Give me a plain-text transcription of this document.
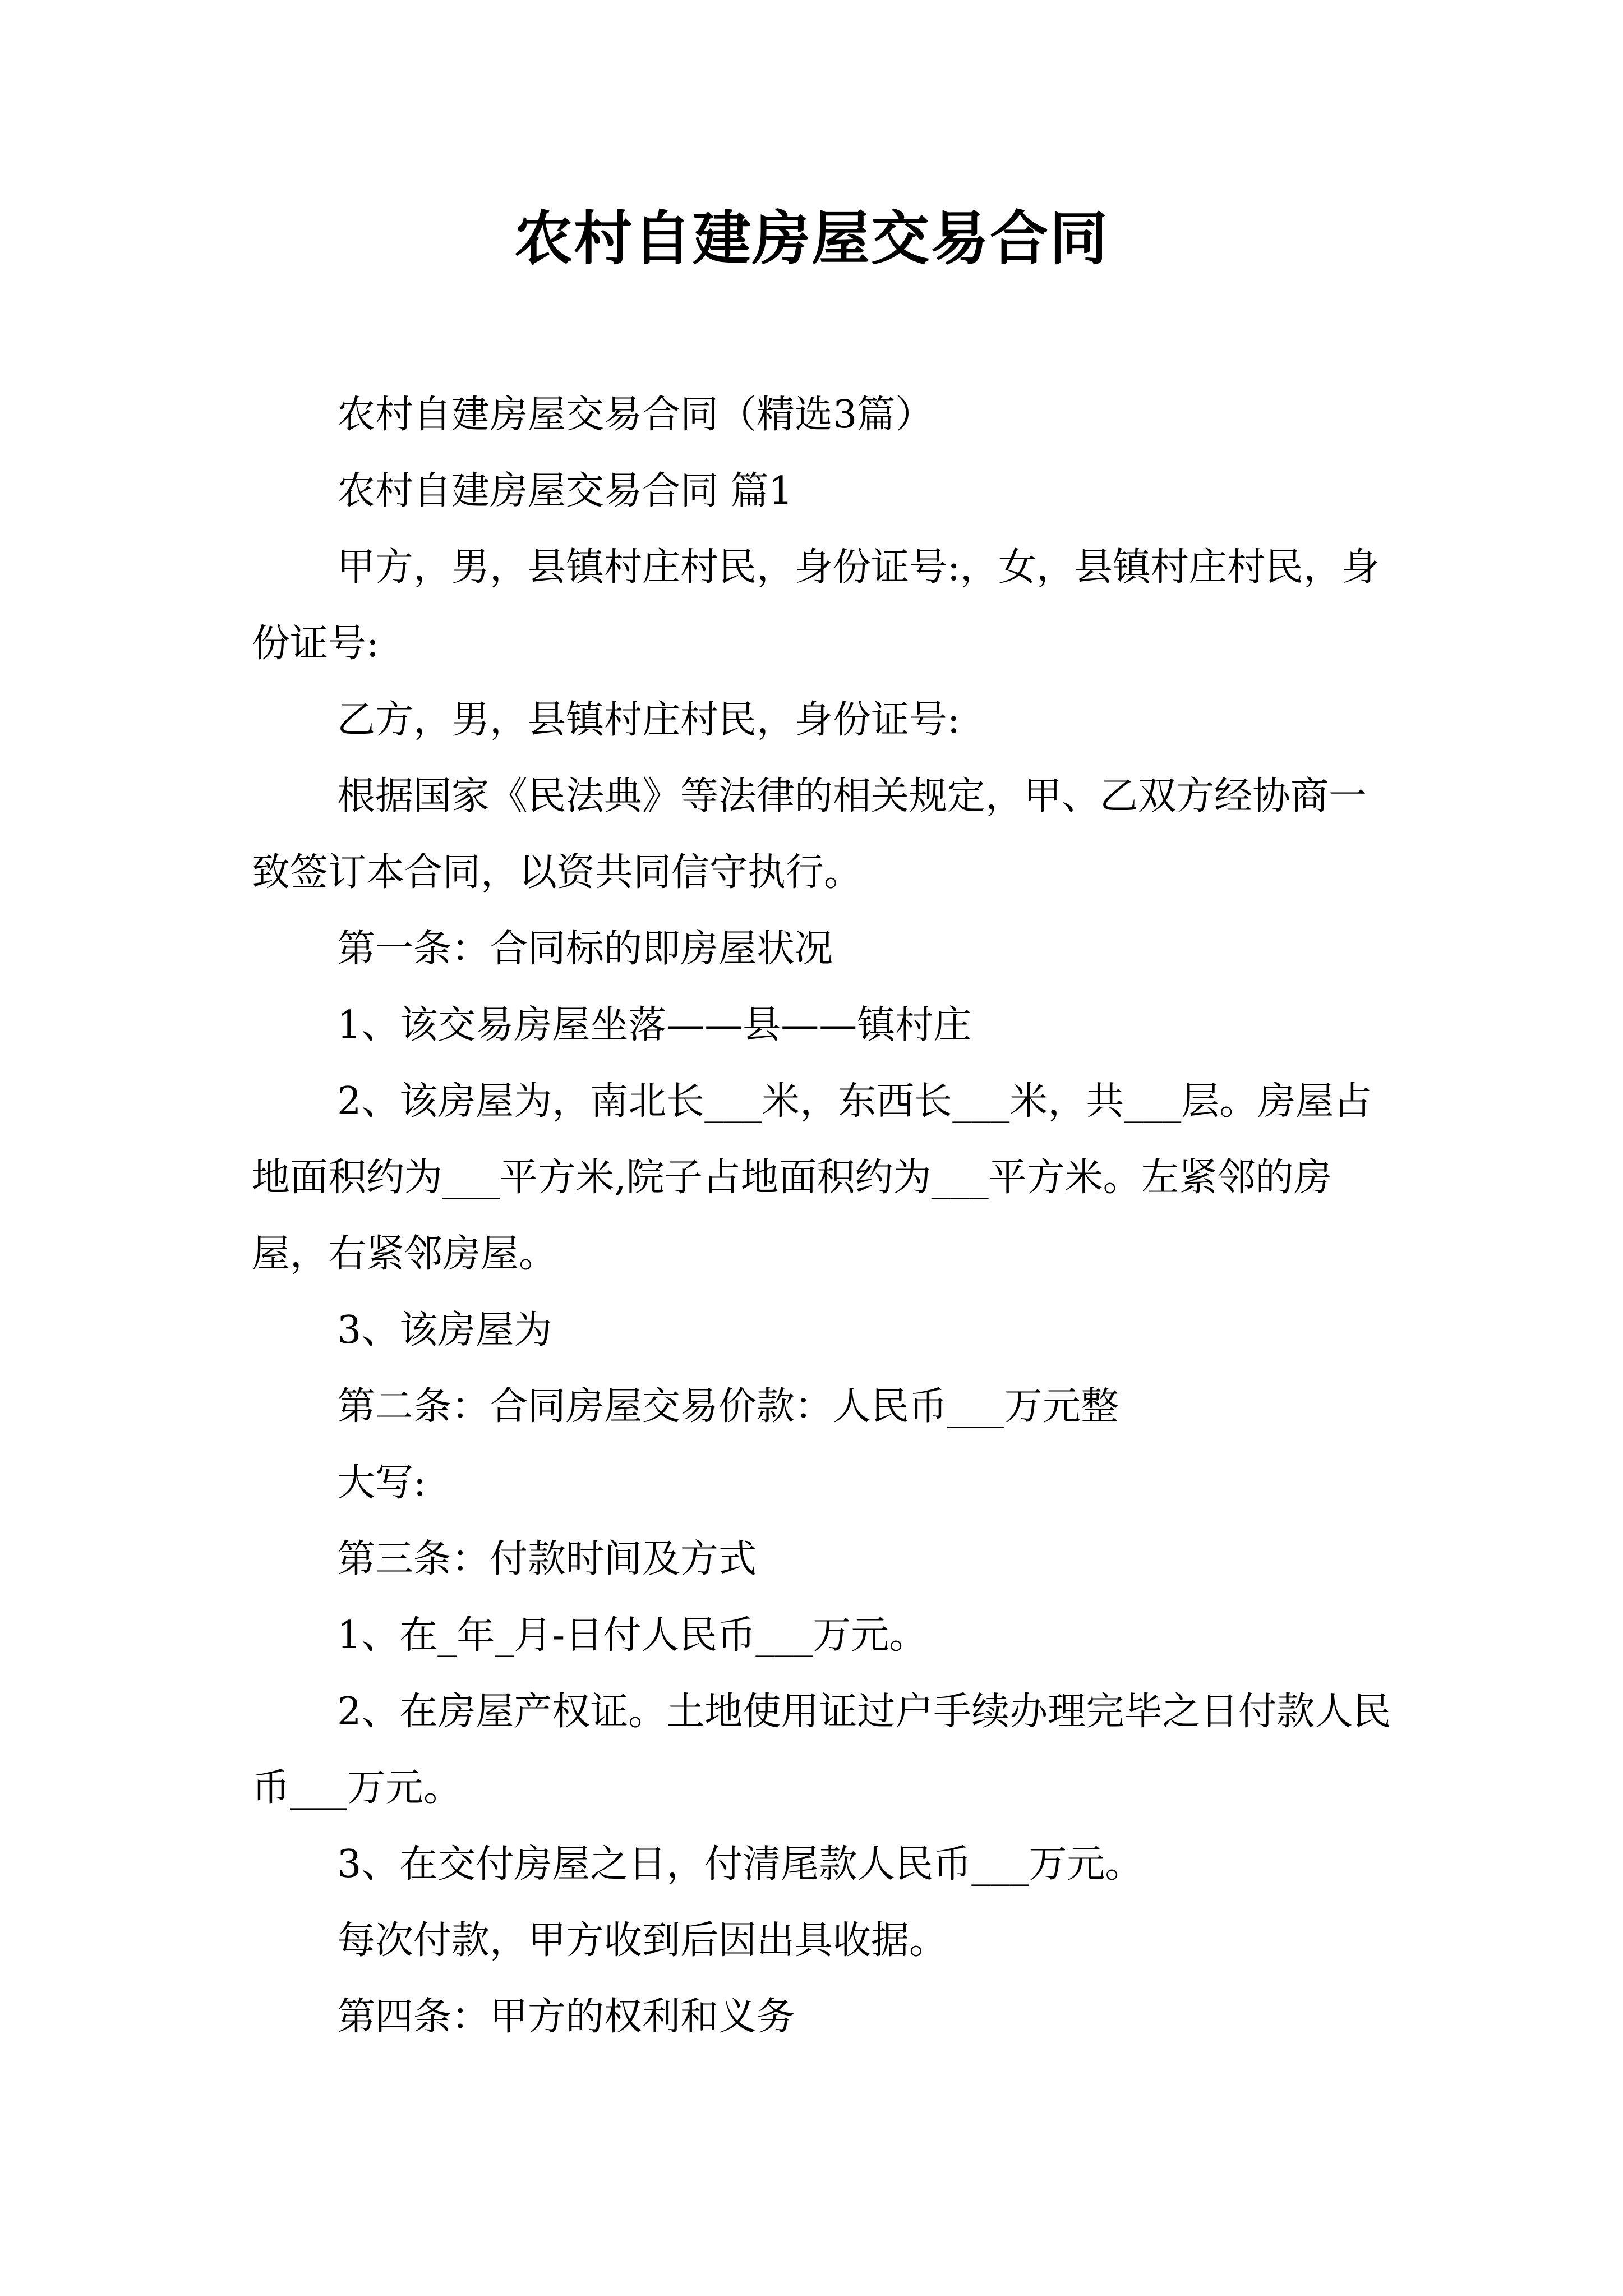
农村自建房屋交易合同

农村自建房屋交易合同（精选3篇）

农村自建房屋交易合同 篇1

甲方，男，县镇村庄村民，身份证号:，女，县镇村庄村民，身份证号:

乙方，男，县镇村庄村民，身份证号:

根据国家《民法典》等法律的相关规定，甲、乙双方经协商一致签订本合同，以资共同信守执行。

第一条：合同标的即房屋状况

1、该交易房屋坐落——县——镇村庄

2、该房屋为，南北长___米，东西长___米，共___层。房屋占地面积约为___平方米,院子占地面积约为___平方米。左紧邻的房屋，右紧邻房屋。

3、该房屋为

第二条：合同房屋交易价款：人民币___万元整

大写:

第三条：付款时间及方式

1、在_年_月-日付人民币___万元。

2、在房屋产权证。土地使用证过户手续办理完毕之日付款人民币___万元。

3、在交付房屋之日，付清尾款人民币___万元。

每次付款，甲方收到后因出具收据。

第四条：甲方的权利和义务
